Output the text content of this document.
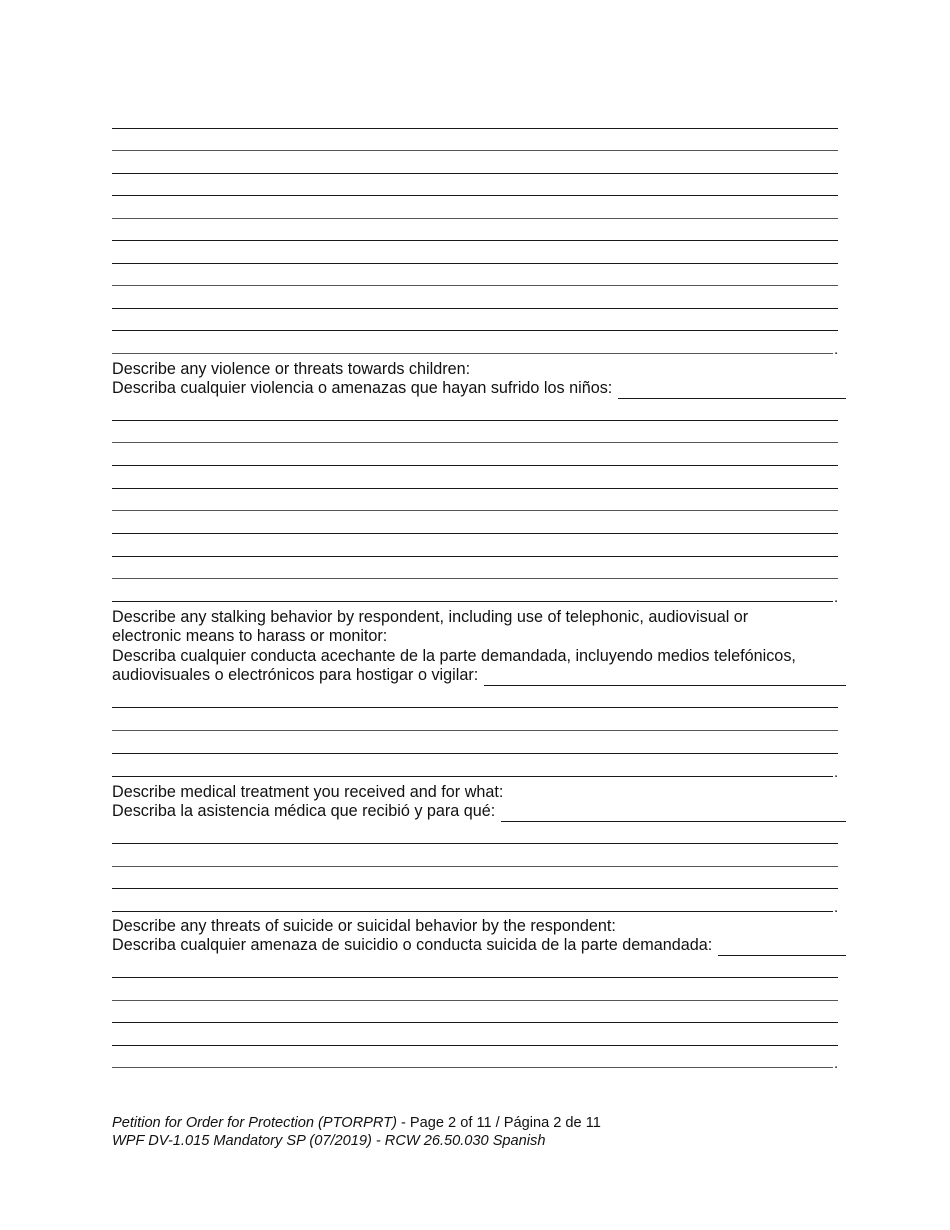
.
Describe any violence or threats towards children:
Describa cualquier violencia o amenazas que hayan sufrido los niños:
.
Describe any stalking behavior by respondent, including use of telephonic, audiovisual or
electronic means to harass or monitor:
Describa cualquier conducta acechante de la parte demandada, incluyendo medios telefónicos,
audiovisuales o electrónicos para hostigar o vigilar:
.
Describe medical treatment you received and for what:
Describa la asistencia médica que recibió y para qué:
.
Describe any threats of suicide or suicidal behavior by the respondent:
Describa cualquier amenaza de suicidio o conducta suicida de la parte demandada:
.
Petition for Order for Protection (PTORPRT) - Page 2 of 11 / Página 2 de 11
WPF DV-1.015 Mandatory SP (07/2019) - RCW 26.50.030 Spanish
